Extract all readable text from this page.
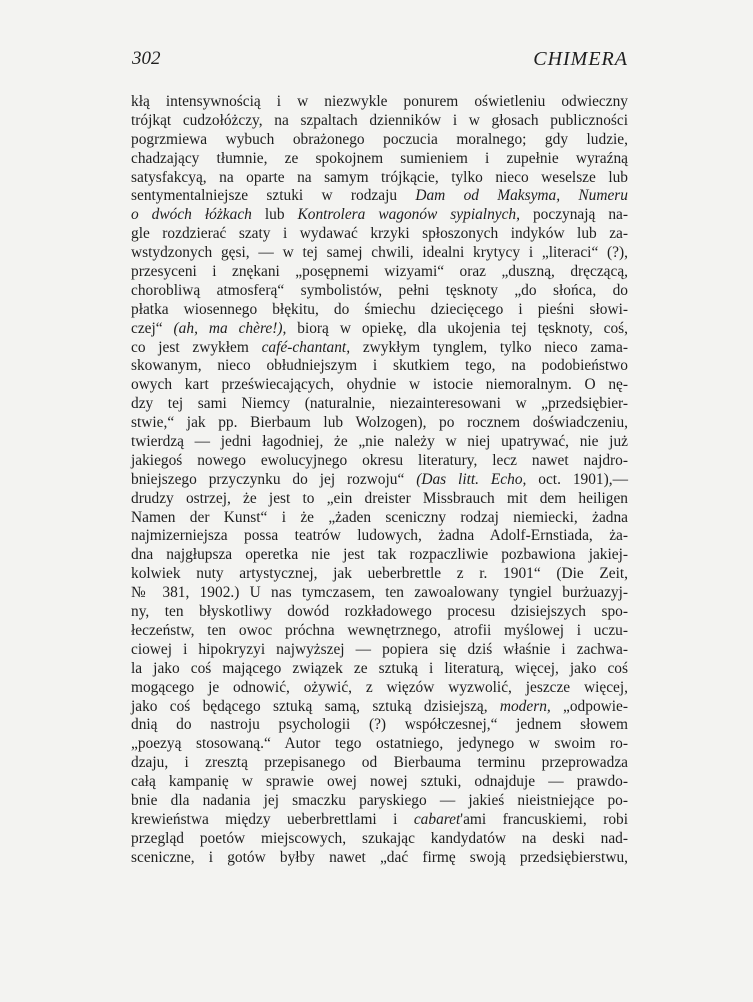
302	CHIMERA
kłą intensywnością i w niezwykle ponurem oświetleniu odwieczny
trójkąt cudzołóżczy, na szpaltach dzienników i w głosach publiczności
pogrzmiewa wybuch obrażonego poczucia moralnego; gdy ludzie,
chadzający tłumnie, ze spokojnem sumieniem i zupełnie wyraźną
satysfakcyą, na oparte na samym trójkącie, tylko nieco weselsze lub
sentymentalniejsze sztuki w rodzaju Dam od Maksyma, Numeru
o dwóch łóżkach lub Kontrolera wagonów sypialnych, poczynają na-
gle rozdzierać szaty i wydawać krzyki spłoszonych indyków lub za-
wstydzonych gęsi, — w tej samej chwili, idealni krytycy i „literaci“ (?),
przesyceni i znękani „posępnemi wizyami“ oraz „duszną, dręczącą,
chorobliwą atmosferą“ symbolistów, pełni tęsknoty „do słońca, do
płatka wiosennego błękitu, do śmiechu dziecięcego i pieśni słowi-
czej“ (ah, ma chère!), biorą w opiekę, dla ukojenia tej tęsknoty, coś,
co jest zwykłem café-chantant, zwykłym tynglem, tylko nieco zama-
skowanym, nieco obłudniejszym i skutkiem tego, na podobieństwo
owych kart przeświecających, ohydnie w istocie niemoralnym. O nę-
dzy tej sami Niemcy (naturalnie, niezainteresowani w „przedsiębier-
stwie,“ jak pp. Bierbaum lub Wolzogen), po rocznem doświadczeniu,
twierdzą — jedni łagodniej, że „nie należy w niej upatrywać, nie już
jakiegoś nowego ewolucyjnego okresu literatury, lecz nawet najdro-
bniejszego przyczynku do jej rozwoju“ (Das litt. Echo, oct. 1901),—
drudzy ostrzej, że jest to „ein dreister Missbrauch mit dem heiligen
Namen der Kunst“ i że „żaden sceniczny rodzaj niemiecki, żadna
najmizerniejsza possa teatrów ludowych, żadna Adolf-Ernstiada, ża-
dna najgłupsza operetka nie jest tak rozpaczliwie pozbawiona jakiej-
kolwiek nuty artystycznej, jak ueberbrettle z r. 1901“ (Die Zeit,
№ 381, 1902.) U nas tymczasem, ten zawoalowany tyngiel burżuazyj-
ny, ten błyskotliwy dowód rozkładowego procesu dzisiejszych spo-
łeczeństw, ten owoc próchna wewnętrznego, atrofii myślowej i uczu-
ciowej i hipokryzyi najwyższej — popiera się dziś właśnie i zachwa-
la jako coś mającego związek ze sztuką i literaturą, więcej, jako coś
mogącego je odnowić, ożywić, z więzów wyzwolić, jeszcze więcej,
jako coś będącego sztuką samą, sztuką dzisiejszą, modern, „odpowie-
dnią do nastroju psychologii (?) współczesnej,“ jednem słowem
„poezyą stosowaną.“ Autor tego ostatniego, jedynego w swoim ro-
dzaju, i zresztą przepisanego od Bierbauma terminu przeprowadza
całą kampanię w sprawie owej nowej sztuki, odnajduje — prawdo-
bnie dla nadania jej smaczku paryskiego — jakieś nieistniejące po-
krewieństwa między ueberbrettlami i cabaret'ami francuskiemi, robi
przegląd poetów miejscowych, szukając kandydatów na deski nad-
sceniczne, i gotów byłby nawet „dać firmę swoją przedsiębierstwu,
